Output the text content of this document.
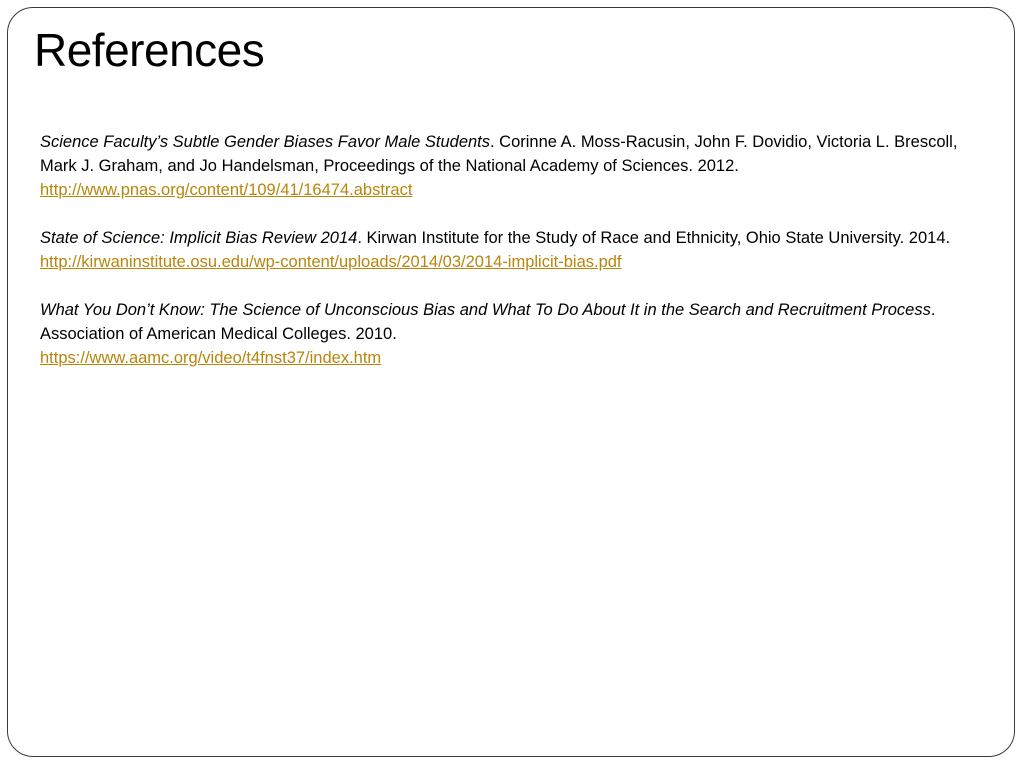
References

Science Faculty’s Subtle Gender Biases Favor Male Students. Corinne A. Moss-Racusin, John F. Dovidio, Victoria L. Brescoll, Mark J. Graham, and Jo Handelsman, Proceedings of the National Academy of Sciences. 2012.
http://www.pnas.org/content/109/41/16474.abstract

State of Science: Implicit Bias Review 2014. Kirwan Institute for the Study of Race and Ethnicity, Ohio State University. 2014.
http://kirwaninstitute.osu.edu/wp-content/uploads/2014/03/2014-implicit-bias.pdf

What You Don’t Know: The Science of Unconscious Bias and What To Do About It in the Search and Recruitment Process. Association of American Medical Colleges. 2010.
https://www.aamc.org/video/t4fnst37/index.htm
